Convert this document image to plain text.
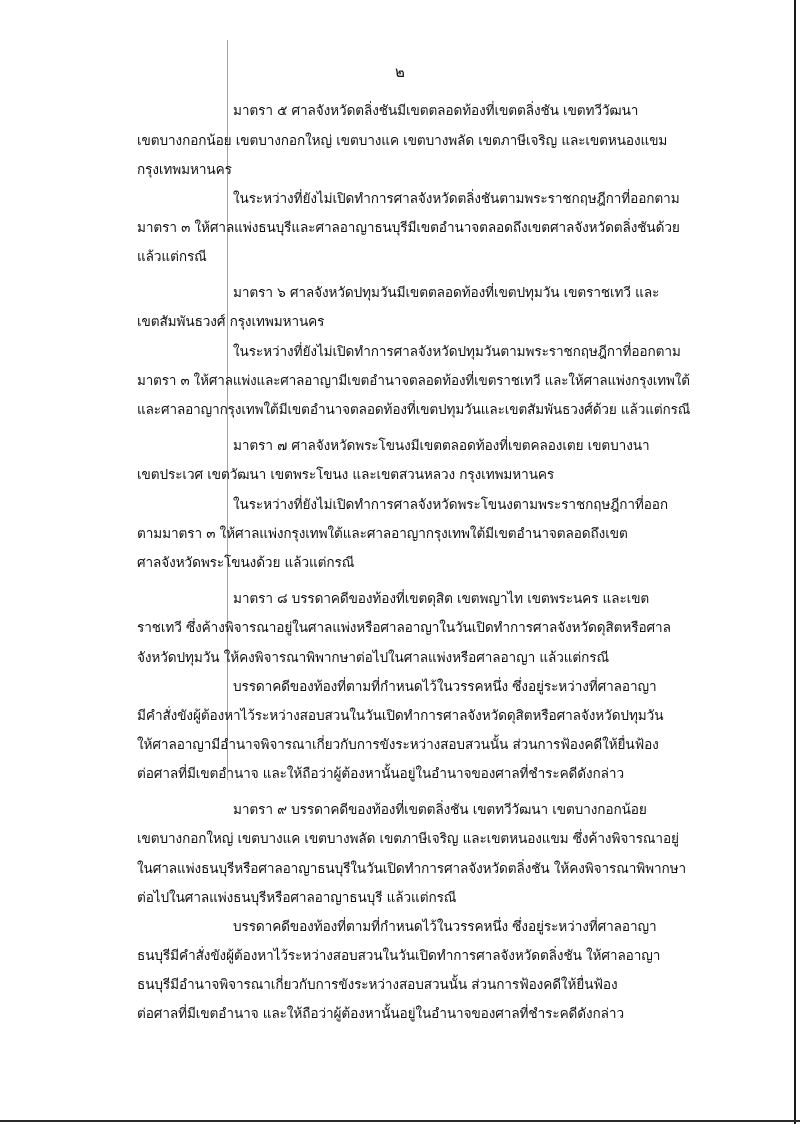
๒
มาตรา ๕ ศาลจังหวัดตลิ่งชันมีเขตตลอดท้องที่เขตตลิ่งชัน เขตทวีวัฒนา
เขตบางกอกน้อย เขตบางกอกใหญ่ เขตบางแค เขตบางพลัด เขตภาษีเจริญ และเขตหนองแขม
กรุงเทพมหานคร
ในระหว่างที่ยังไม่เปิดทำการศาลจังหวัดตลิ่งชันตามพระราชกฤษฎีกาที่ออกตาม
มาตรา ๓ ให้ศาลแพ่งธนบุรีและศาลอาญาธนบุรีมีเขตอำนาจตลอดถึงเขตศาลจังหวัดตลิ่งชันด้วย
แล้วแต่กรณี
มาตรา ๖ ศาลจังหวัดปทุมวันมีเขตตลอดท้องที่เขตปทุมวัน เขตราชเทวี และ
เขตสัมพันธวงศ์ กรุงเทพมหานคร
ในระหว่างที่ยังไม่เปิดทำการศาลจังหวัดปทุมวันตามพระราชกฤษฎีกาที่ออกตาม
มาตรา ๓ ให้ศาลแพ่งและศาลอาญามีเขตอำนาจตลอดท้องที่เขตราชเทวี และให้ศาลแพ่งกรุงเทพใต้
และศาลอาญากรุงเทพใต้มีเขตอำนาจตลอดท้องที่เขตปทุมวันและเขตสัมพันธวงศ์ด้วย แล้วแต่กรณี
มาตรา ๗ ศาลจังหวัดพระโขนงมีเขตตลอดท้องที่เขตคลองเตย เขตบางนา
เขตประเวศ เขตวัฒนา เขตพระโขนง และเขตสวนหลวง กรุงเทพมหานคร
ในระหว่างที่ยังไม่เปิดทำการศาลจังหวัดพระโขนงตามพระราชกฤษฎีกาที่ออก
ตามมาตรา ๓ ให้ศาลแพ่งกรุงเทพใต้และศาลอาญากรุงเทพใต้มีเขตอำนาจตลอดถึงเขต
ศาลจังหวัดพระโขนงด้วย แล้วแต่กรณี
มาตรา ๘ บรรดาคดีของท้องที่เขตดุสิต เขตพญาไท เขตพระนคร และเขต
ราชเทวี ซึ่งค้างพิจารณาอยู่ในศาลแพ่งหรือศาลอาญาในวันเปิดทำการศาลจังหวัดดุสิตหรือศาล
จังหวัดปทุมวัน ให้คงพิจารณาพิพากษาต่อไปในศาลแพ่งหรือศาลอาญา แล้วแต่กรณี
บรรดาคดีของท้องที่ตามที่กำหนดไว้ในวรรคหนึ่ง ซึ่งอยู่ระหว่างที่ศาลอาญา
มีคำสั่งขังผู้ต้องหาไว้ระหว่างสอบสวนในวันเปิดทำการศาลจังหวัดดุสิตหรือศาลจังหวัดปทุมวัน
ให้ศาลอาญามีอำนาจพิจารณาเกี่ยวกับการขังระหว่างสอบสวนนั้น ส่วนการฟ้องคดีให้ยื่นฟ้อง
ต่อศาลที่มีเขตอำนาจ และให้ถือว่าผู้ต้องหานั้นอยู่ในอำนาจของศาลที่ชำระคดีดังกล่าว
มาตรา ๙ บรรดาคดีของท้องที่เขตตลิ่งชัน เขตทวีวัฒนา เขตบางกอกน้อย
เขตบางกอกใหญ่ เขตบางแค เขตบางพลัด เขตภาษีเจริญ และเขตหนองแขม ซึ่งค้างพิจารณาอยู่
ในศาลแพ่งธนบุรีหรือศาลอาญาธนบุรีในวันเปิดทำการศาลจังหวัดตลิ่งชัน ให้คงพิจารณาพิพากษา
ต่อไปในศาลแพ่งธนบุรีหรือศาลอาญาธนบุรี แล้วแต่กรณี
บรรดาคดีของท้องที่ตามที่กำหนดไว้ในวรรคหนึ่ง ซึ่งอยู่ระหว่างที่ศาลอาญา
ธนบุรีมีคำสั่งขังผู้ต้องหาไว้ระหว่างสอบสวนในวันเปิดทำการศาลจังหวัดตลิ่งชัน ให้ศาลอาญา
ธนบุรีมีอำนาจพิจารณาเกี่ยวกับการขังระหว่างสอบสวนนั้น ส่วนการฟ้องคดีให้ยื่นฟ้อง
ต่อศาลที่มีเขตอำนาจ และให้ถือว่าผู้ต้องหานั้นอยู่ในอำนาจของศาลที่ชำระคดีดังกล่าว
